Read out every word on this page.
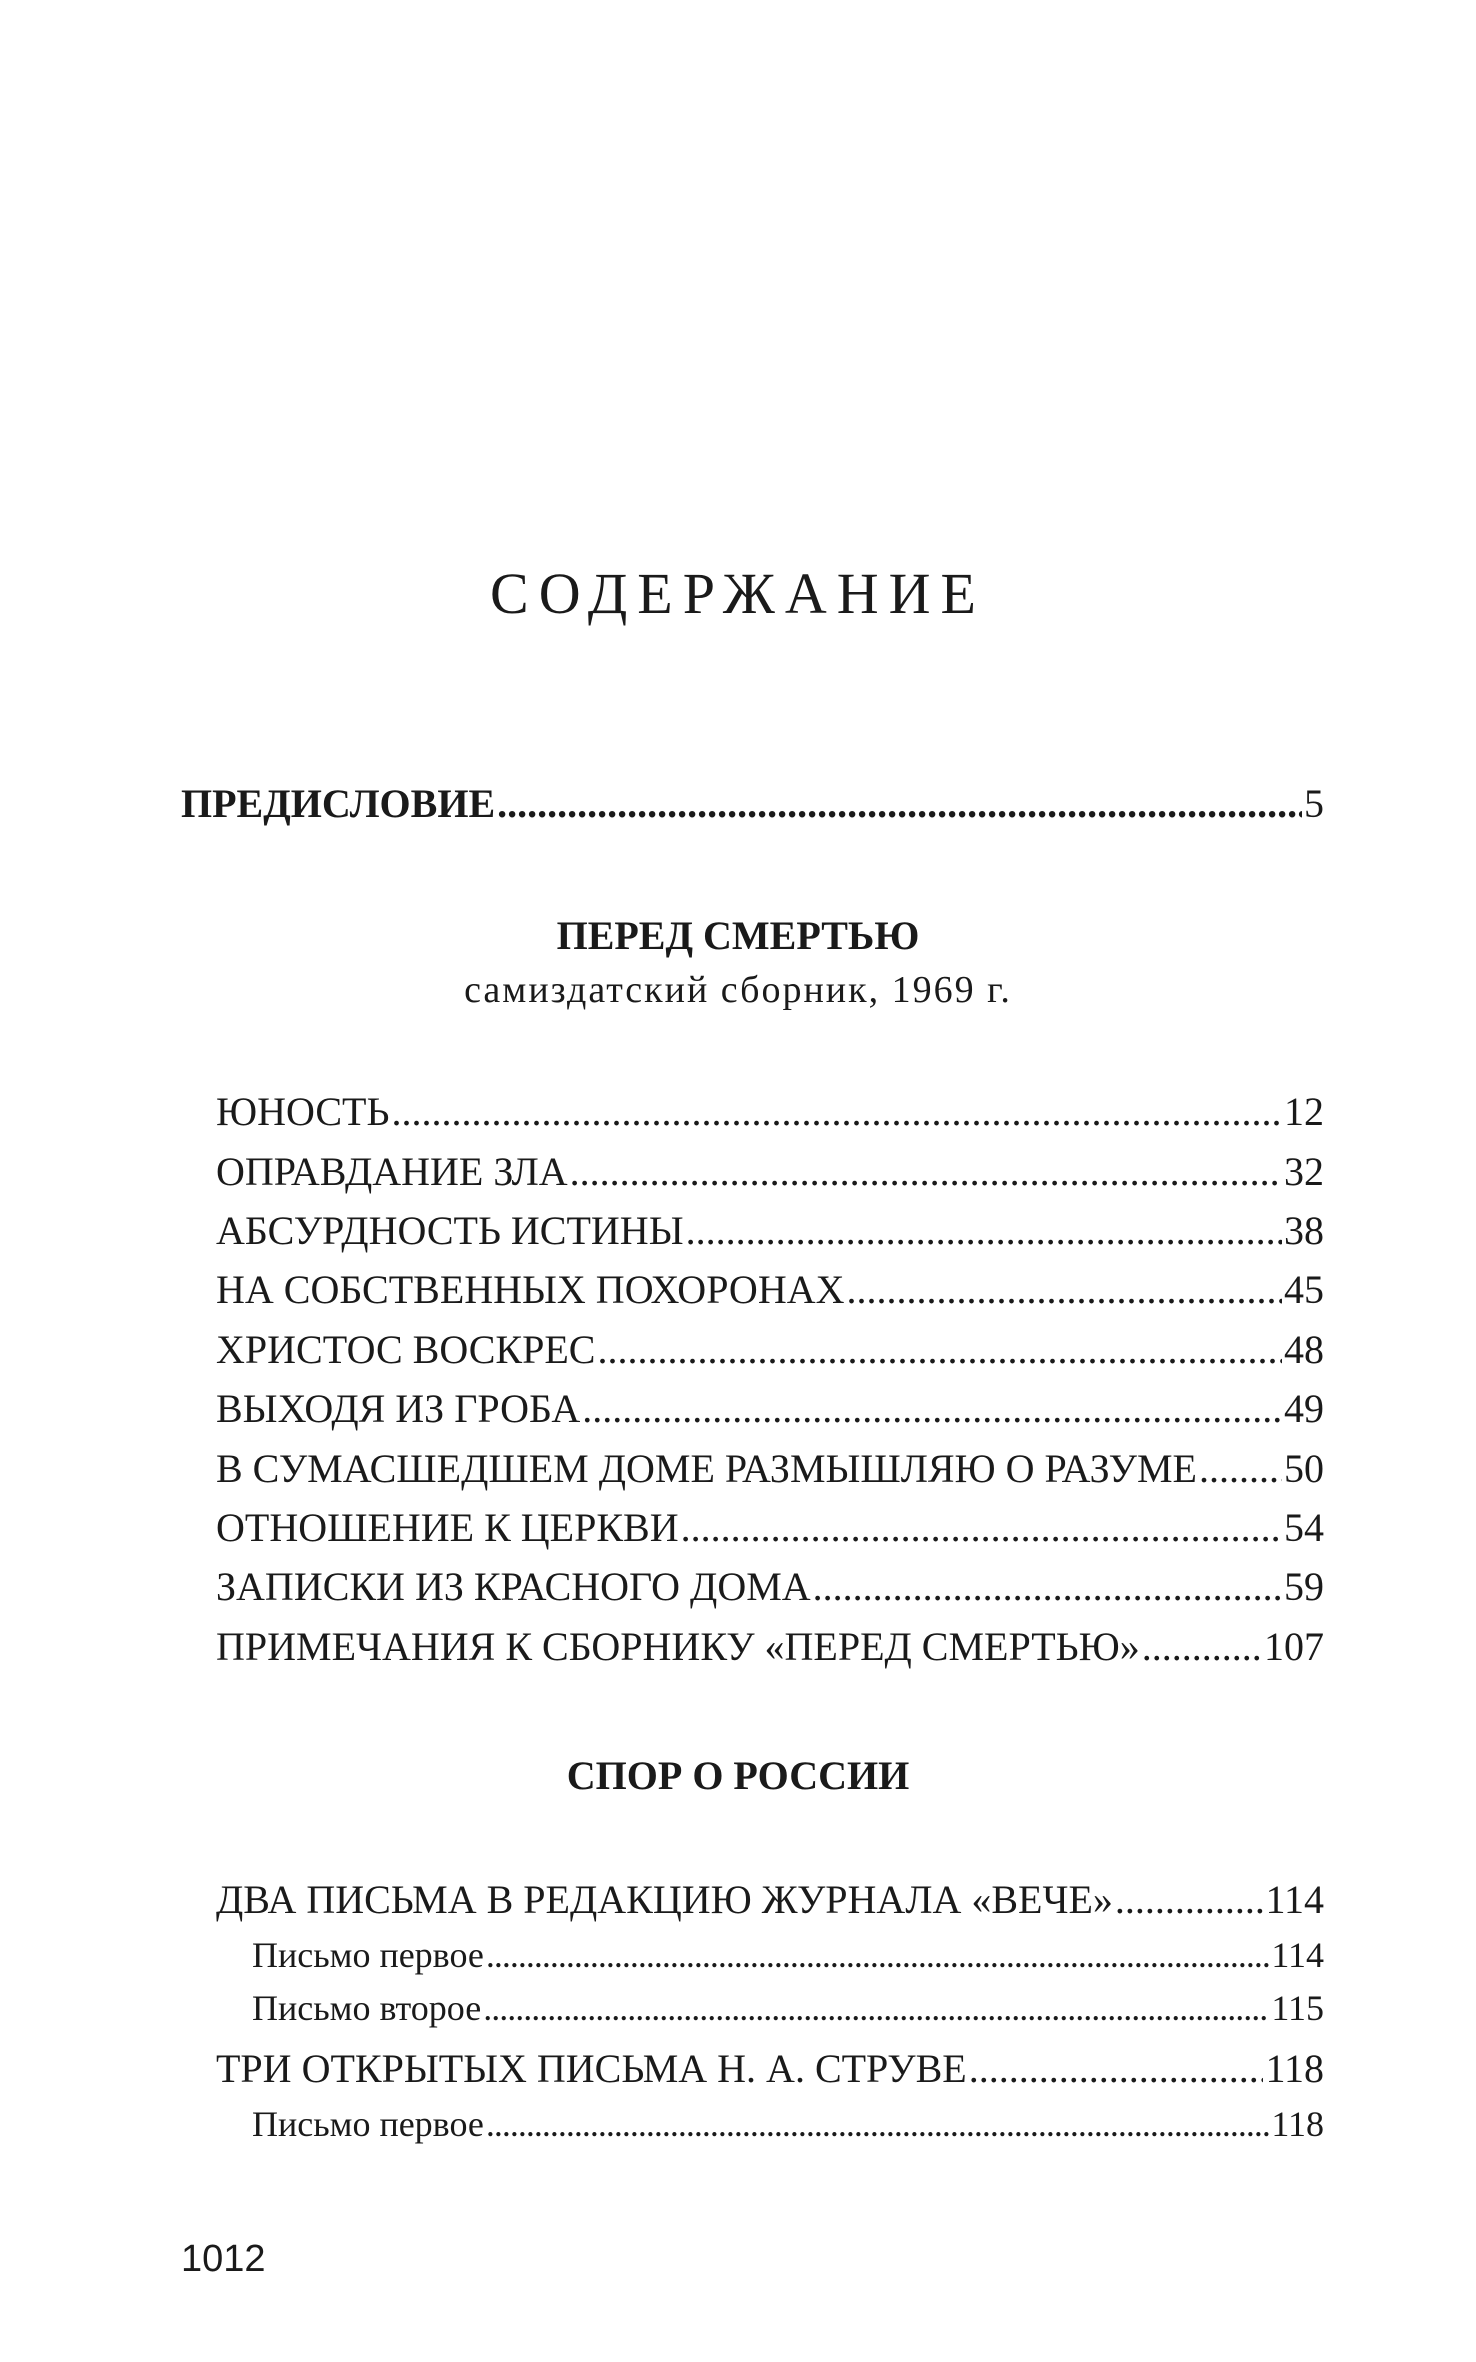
СОДЕРЖАНИЕ
ПРЕДИСЛОВИЕ . . .	5
ПЕРЕД СМЕРТЬЮ
самиздатский сборник, 1969 г.
ЮНОСТЬ . . .	12
ОПРАВДАНИЕ ЗЛА . . .	32
АБСУРДНОСТЬ ИСТИНЫ . . .	38
НА СОБСТВЕННЫХ ПОХОРОНАХ . . .	45
ХРИСТОС ВОСКРЕС . . .	48
ВЫХОДЯ ИЗ ГРОБА . . .	49
В СУМАСШЕДШЕМ ДОМЕ РАЗМЫШЛЯЮ О РАЗУМЕ . . . 50
ОТНОШЕНИЕ К ЦЕРКВИ . . .	54
ЗАПИСКИ ИЗ КРАСНОГО ДОМА . . .	59
ПРИМЕЧАНИЯ К СБОРНИКУ «ПЕРЕД СМЕРТЬЮ» . . .	107
СПОР О РОССИИ
ДВА ПИСЬМА В РЕДАКЦИЮ ЖУРНАЛА «ВЕЧЕ» . . .	114
Письмо первое . . .	114
Письмо второе . . .	115
ТРИ ОТКРЫТЫХ ПИСЬМА Н. А. СТРУВЕ . . .	118
Письмо первое . . .	118
1012
